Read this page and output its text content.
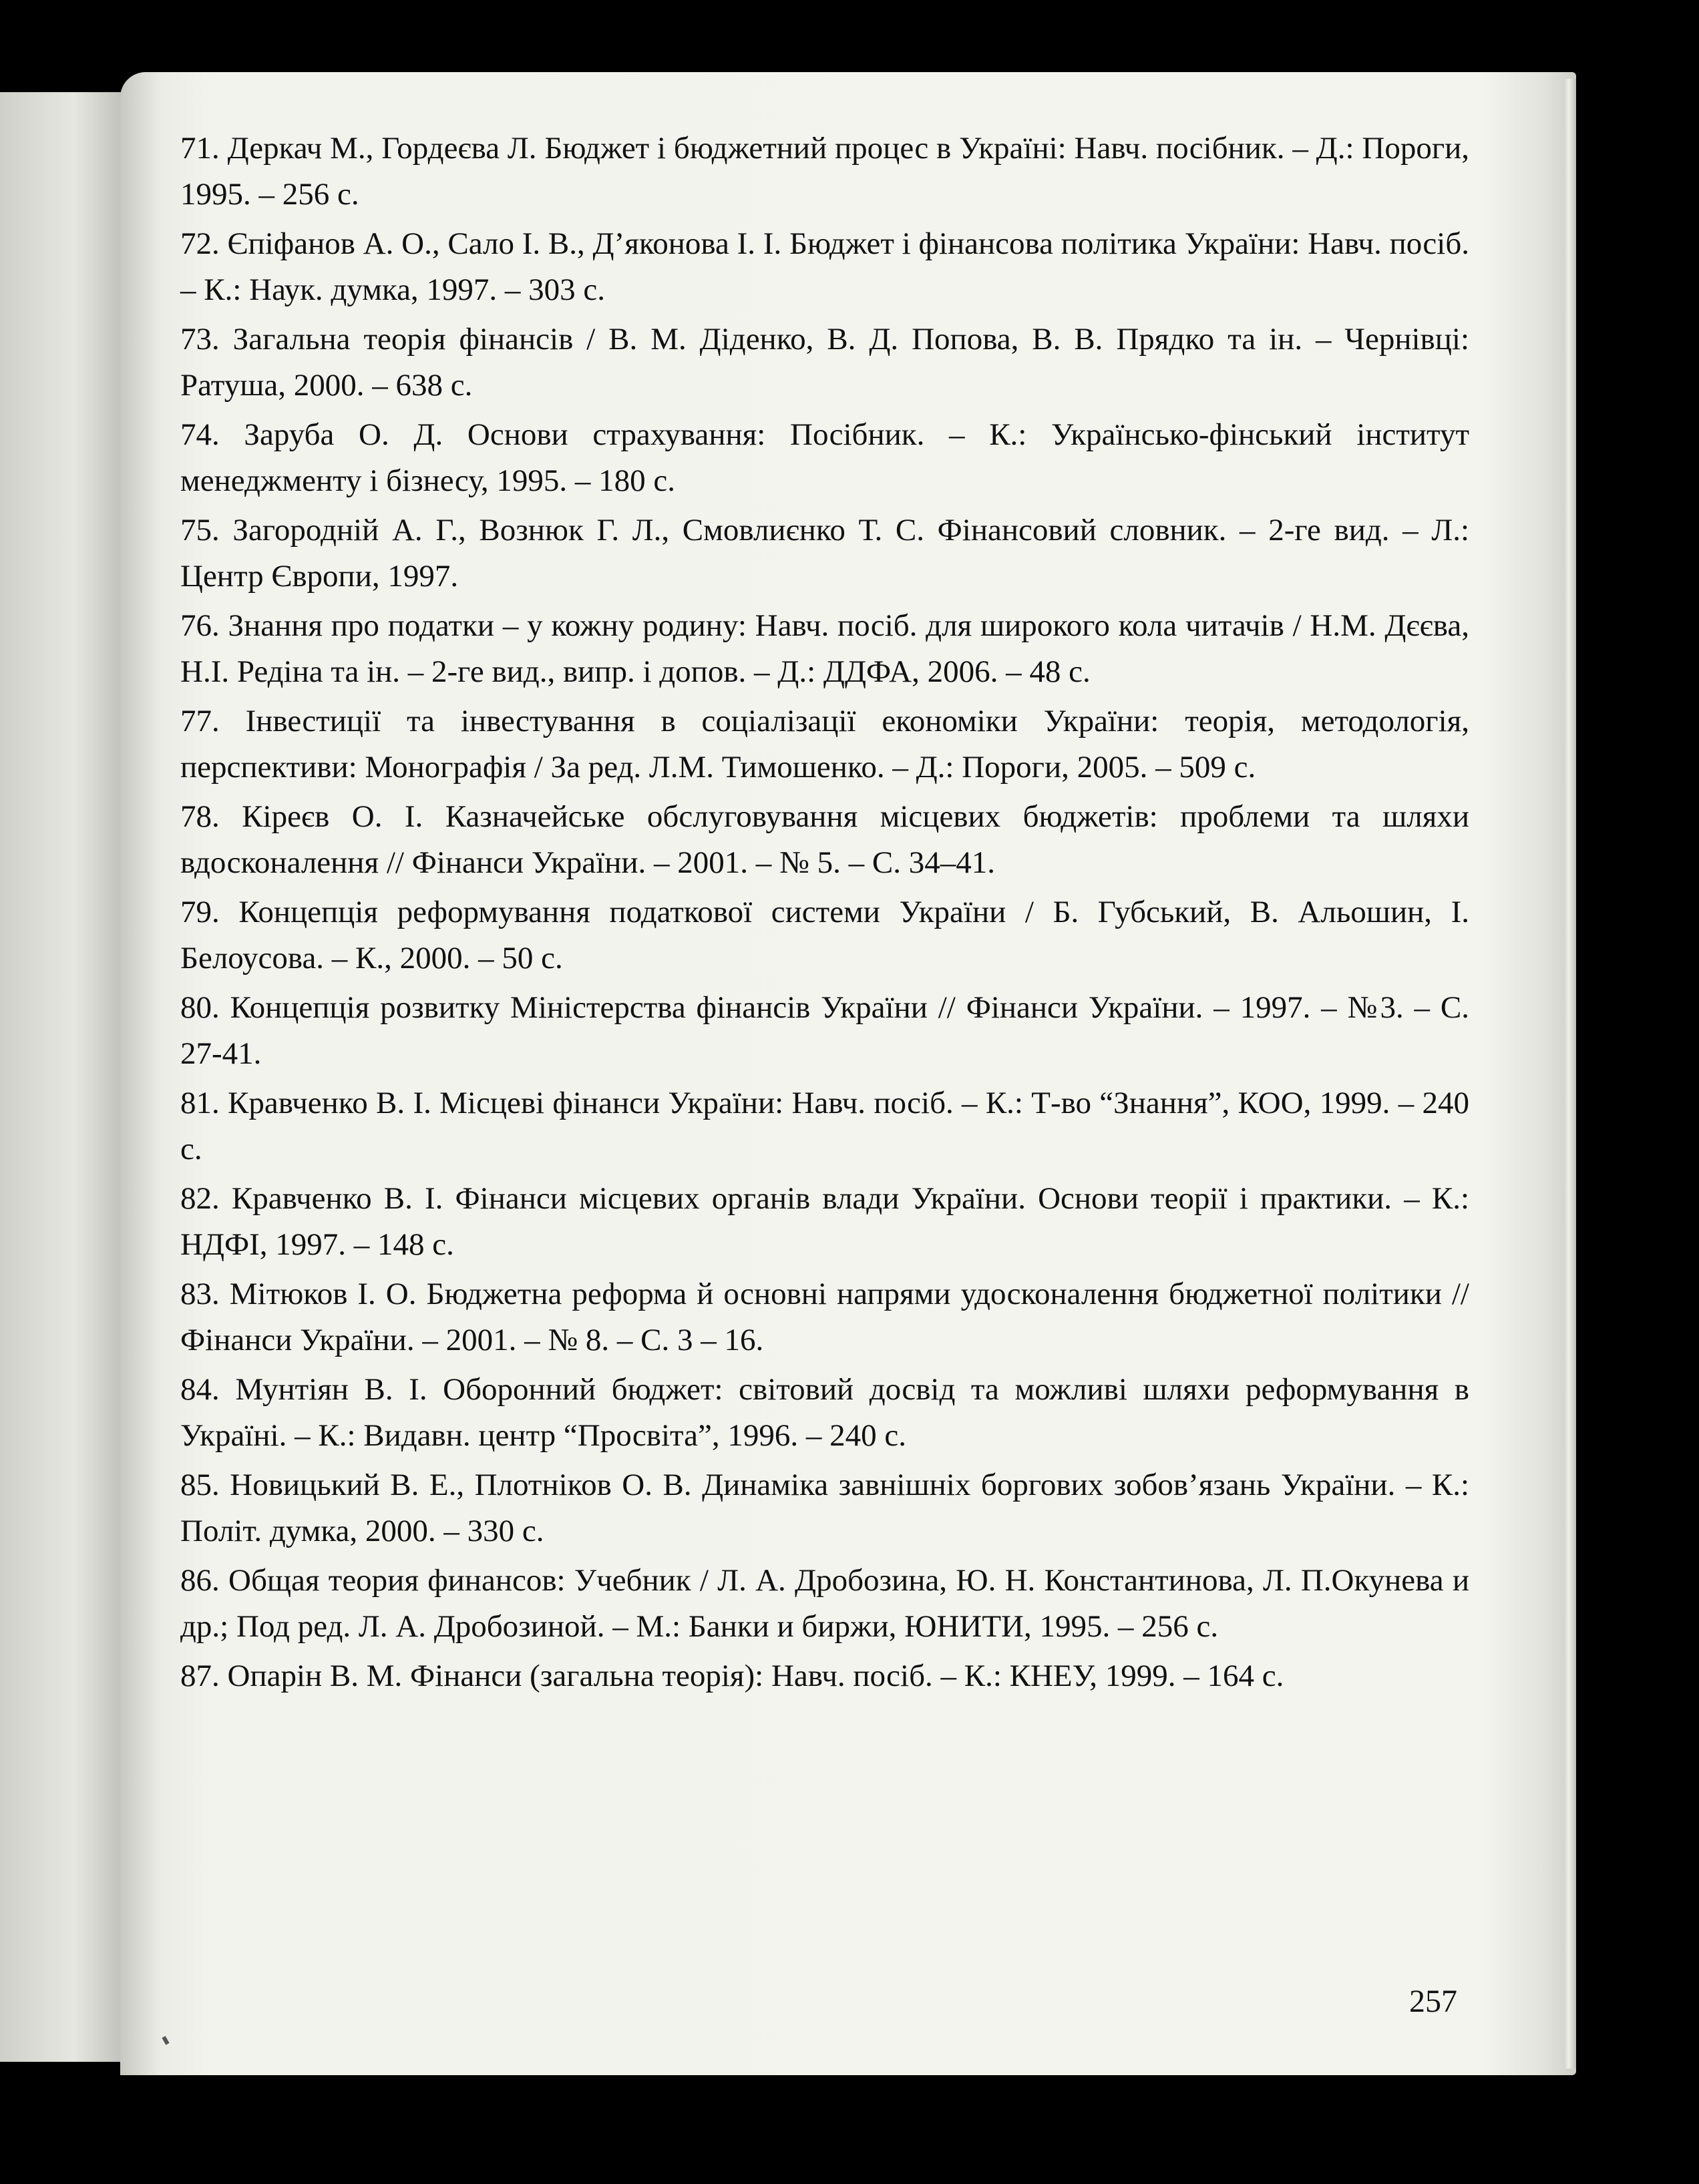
71. Деркач М., Гордеєва Л. Бюджет і бюджетний процес в Україні: Навч. посібник. – Д.: Пороги, 1995. – 256 с.

72. Єпіфанов А. О., Сало І. В., Д’яконова І. І. Бюджет і фінансова політика України: Навч. посіб. – К.: Наук. думка, 1997. – 303 с.

73. Загальна теорія фінансів / В. М. Діденко, В. Д. Попова, В. В. Прядко та ін. – Чернівці: Ратуша, 2000. – 638 с.

74. Заруба О. Д. Основи страхування: Посібник. – К.: Українсько-фінський інститут менеджменту і бізнесу, 1995. – 180 с.

75. Загороднiй А. Г., Вознюк Г. Л., Смовлиєнко Т. С. Фінансовий словник. – 2-ге вид. – Л.: Центр Європи, 1997.

76. Знання про податки – у кожну родину: Навч. посіб. для широкого кола читачів / Н.М. Дєєва, Н.І. Редіна та ін. – 2-ге вид., випр. і допов. – Д.: ДДФА, 2006. – 48 с.

77. Інвестиції та інвестування в соціалізації економіки України: теорія, методологія, перспективи: Монографія / За ред. Л.М. Тимошенко. – Д.: Пороги, 2005. – 509 с.

78. Кіреєв О. І. Казначейське обслуговування місцевих бюджетів: проблеми та шляхи вдосконалення // Фінанси України. – 2001. – № 5. – С. 34–41.

79. Концепція реформування податкової системи України / Б. Губський, В. Альошин, І. Белоусова. – К., 2000. – 50 с.

80. Концепція розвитку Міністерства фінансів України // Фінанси України. – 1997. – №3. – С. 27-41.

81. Кравченко В. І. Місцеві фінанси України: Навч. посіб. – К.: Т-во “Знання”, КОО, 1999. – 240 с.

82. Кравченко В. І. Фінанси місцевих органів влади України. Основи теорії і практики. – К.: НДФІ, 1997. – 148 с.

83. Мітюков І. О. Бюджетна реформа й основні напрями удосконалення бюджетної політики // Фінанси України. – 2001. – № 8. – С. 3 – 16.

84. Мунтіян В. І. Оборонний бюджет: світовий досвід та можливі шляхи реформування в Україні. – К.: Видавн. центр “Просвіта”, 1996. – 240 с.

85. Новицький В. Е., Плотніков О. В. Динаміка завнішніх боргових зобов’язань України. – К.: Політ. думка, 2000. – 330 с.

86. Общая теория финансов: Учебник / Л. А. Дробозина, Ю. Н. Константинова, Л. П.Окунева и др.; Под ред. Л. А. Дробозиной. – М.: Банки и биржи, ЮНИТИ, 1995. – 256 с.

87. Опарін В. М. Фінанси (загальна теорія): Навч. посіб. – К.: КНЕУ, 1999. – 164 с.

257
